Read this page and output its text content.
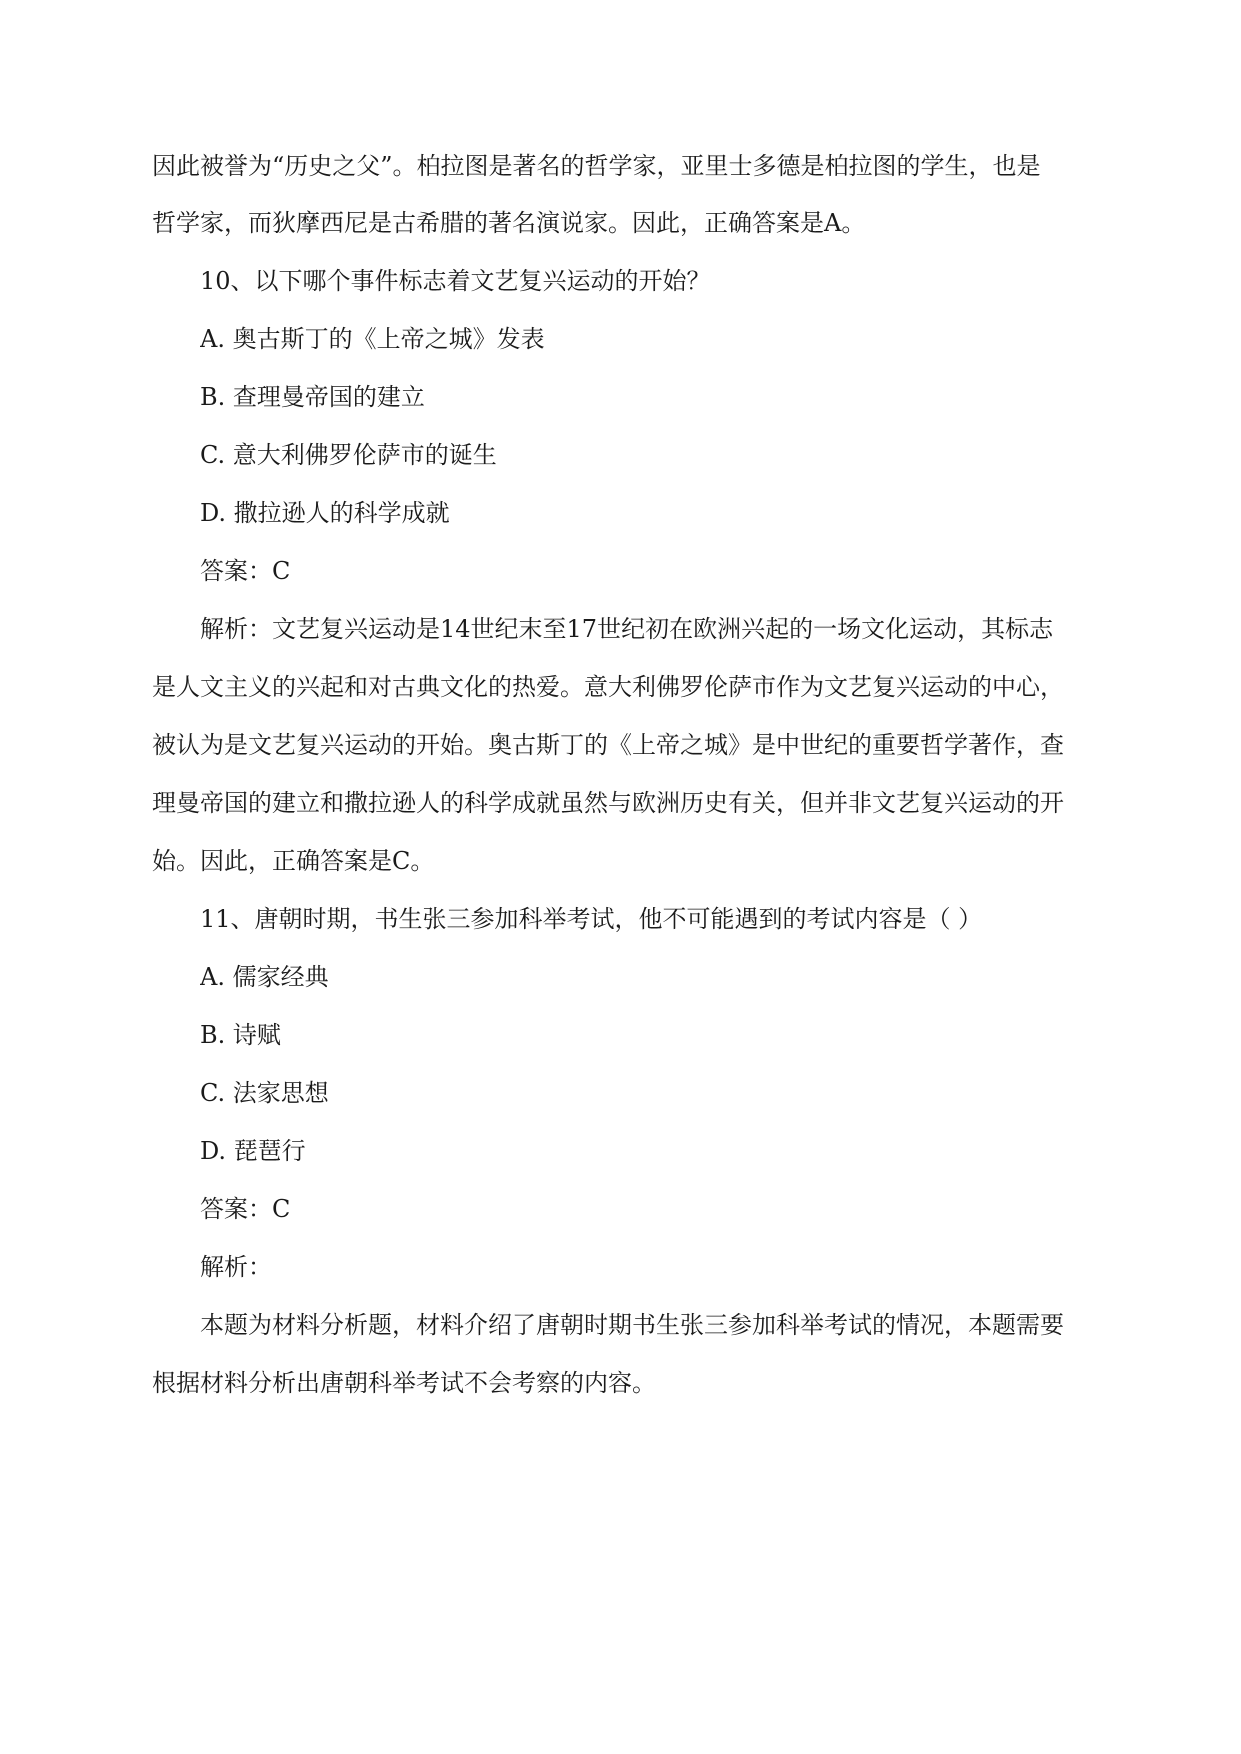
因此被誉为“历史之父”。柏拉图是著名的哲学家，亚里士多德是柏拉图的学生，也是
哲学家，而狄摩西尼是古希腊的著名演说家。因此，正确答案是A。
10、以下哪个事件标志着文艺复兴运动的开始？
A. 奥古斯丁的《上帝之城》发表
B. 查理曼帝国的建立
C. 意大利佛罗伦萨市的诞生
D. 撒拉逊人的科学成就
答案：C
解析：文艺复兴运动是14世纪末至17世纪初在欧洲兴起的一场文化运动，其标志
是人文主义的兴起和对古典文化的热爱。意大利佛罗伦萨市作为文艺复兴运动的中心，
被认为是文艺复兴运动的开始。奥古斯丁的《上帝之城》是中世纪的重要哲学著作，查
理曼帝国的建立和撒拉逊人的科学成就虽然与欧洲历史有关，但并非文艺复兴运动的开
始。因此，正确答案是C。
11、唐朝时期，书生张三参加科举考试，他不可能遇到的考试内容是（ ）
A. 儒家经典
B. 诗赋
C. 法家思想
D. 琵琶行
答案：C
解析：
本题为材料分析题，材料介绍了唐朝时期书生张三参加科举考试的情况，本题需要
根据材料分析出唐朝科举考试不会考察的内容。
